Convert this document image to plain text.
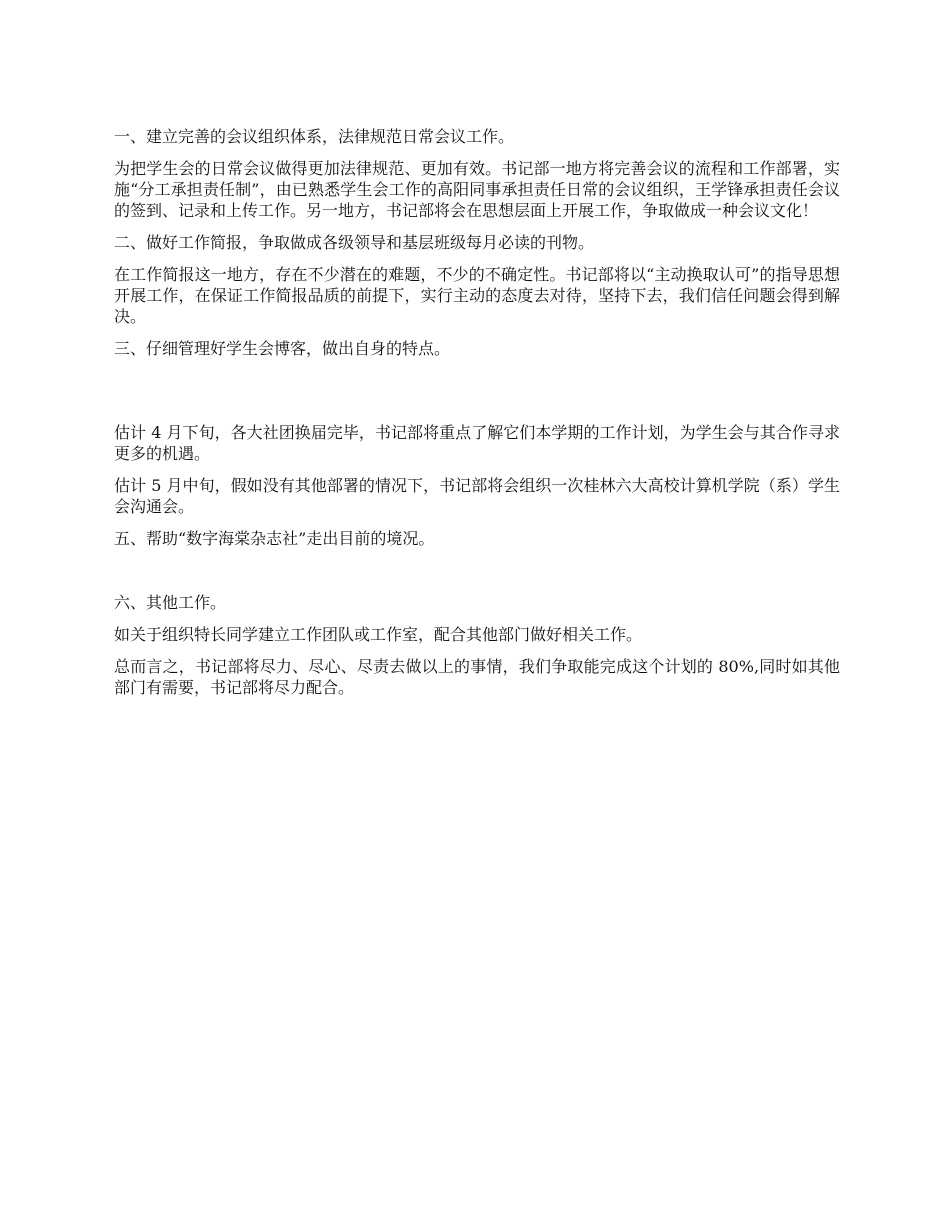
一、建立完善的会议组织体系，法律规范日常会议工作。

为把学生会的日常会议做得更加法律规范、更加有效。书记部一地方将完善会议的流程和工作部署，实施“分工承担责任制”，由已熟悉学生会工作的高阳同事承担责任日常的会议组织，王学锋承担责任会议的签到、记录和上传工作。另一地方，书记部将会在思想层面上开展工作，争取做成一种会议文化！

二、做好工作简报，争取做成各级领导和基层班级每月必读的刊物。

在工作简报这一地方，存在不少潜在的难题，不少的不确定性。书记部将以“主动换取认可”的指导思想开展工作，在保证工作简报品质的前提下，实行主动的态度去对待，坚持下去，我们信任问题会得到解决。

三、仔细管理好学生会博客，做出自身的特点。

估计 4 月下旬，各大社团换届完毕，书记部将重点了解它们本学期的工作计划，为学生会与其合作寻求更多的机遇。

估计 5 月中旬，假如没有其他部署的情况下，书记部将会组织一次桂林六大高校计算机学院（系）学生会沟通会。

五、帮助“数字海棠杂志社”走出目前的境况。

六、其他工作。

如关于组织特长同学建立工作团队或工作室，配合其他部门做好相关工作。

总而言之，书记部将尽力、尽心、尽责去做以上的事情，我们争取能完成这个计划的 80%,同时如其他部门有需要，书记部将尽力配合。
